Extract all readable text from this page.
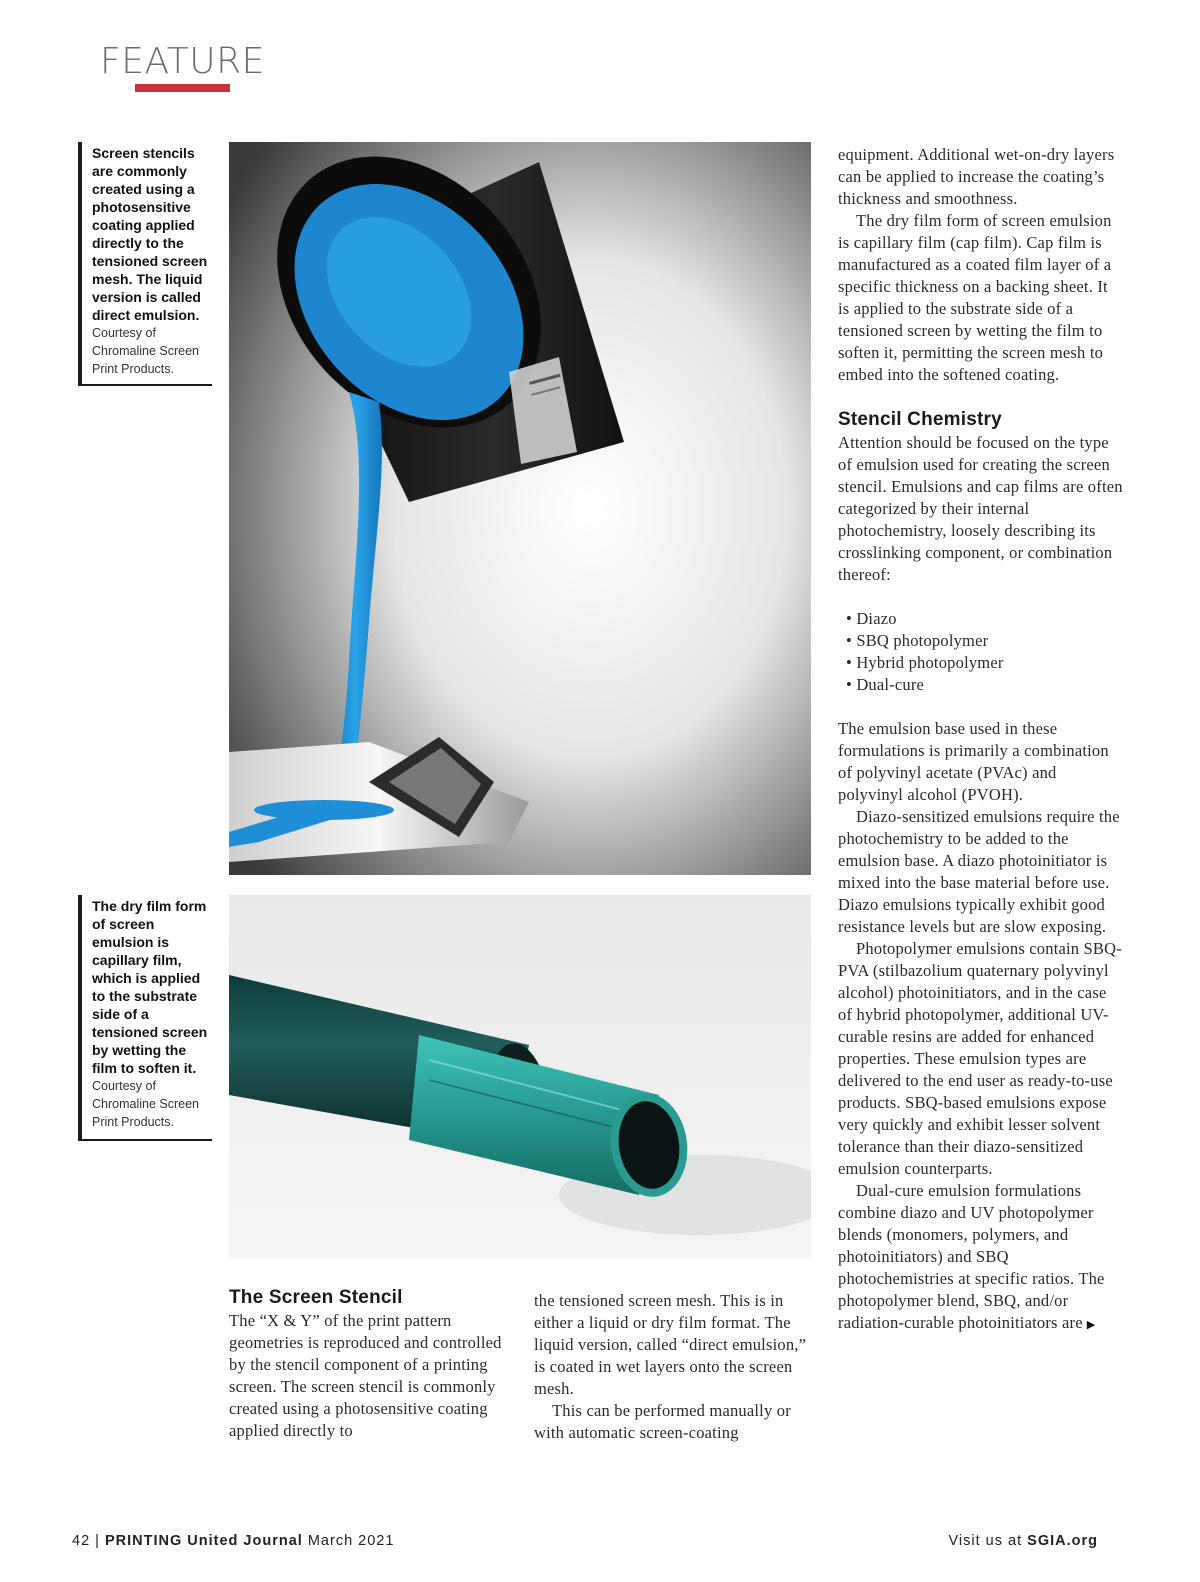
FEATURE
Screen stencils are commonly created using a photosensitive coating applied directly to the tensioned screen mesh. The liquid version is called direct emulsion.
Courtesy of Chromaline Screen Print Products.
The dry film form of screen emulsion is capillary film, which is applied to the substrate side of a tensioned screen by wetting the film to soften it.
Courtesy of Chromaline Screen Print Products.
The Screen Stencil

The “X & Y” of the print pattern geometries is reproduced and controlled by the stencil component of a printing screen. The screen stencil is commonly created using a photosensitive coating applied directly to

the tensioned screen mesh. This is in either a liquid or dry film format. The liquid version, called “direct emulsion,” is coated in wet layers onto the screen mesh.

This can be performed manually or with automatic screen-coating

equipment. Additional wet-on-dry layers can be applied to increase the coating’s thickness and smoothness.

The dry film form of screen emulsion is capillary film (cap film). Cap film is manufactured as a coated film layer of a specific thickness on a backing sheet. It is applied to the substrate side of a tensioned screen by wetting the film to soften it, permitting the screen mesh to embed into the softened coating.

Stencil Chemistry

Attention should be focused on the type of emulsion used for creating the screen stencil. Emulsions and cap films are often categorized by their internal photochemistry, loosely describing its crosslinking component, or combination thereof:

• Diazo
• SBQ photopolymer
• Hybrid photopolymer
• Dual-cure

The emulsion base used in these formulations is primarily a combination of polyvinyl acetate (PVAc) and polyvinyl alcohol (PVOH).

Diazo-sensitized emulsions require the photochemistry to be added to the emulsion base. A diazo photoinitiator is mixed into the base material before use. Diazo emulsions typically exhibit good resistance levels but are slow exposing.

Photopolymer emulsions contain SBQ-PVA (stilbazolium quaternary polyvinyl alcohol) photoinitiators, and in the case of hybrid photopolymer, additional UV-curable resins are added for enhanced properties. These emulsion types are delivered to the end user as ready-to-use products. SBQ-based emulsions expose very quickly and exhibit lesser solvent tolerance than their diazo-sensitized emulsion counterparts.

Dual-cure emulsion formulations combine diazo and UV photopolymer blends (monomers, polymers, and photoinitiators) and SBQ photochemistries at specific ratios. The photopolymer blend, SBQ, and/or radiation-curable photoinitiators are ▶

42 | PRINTING United Journal March 2021	Visit us at SGIA.org
